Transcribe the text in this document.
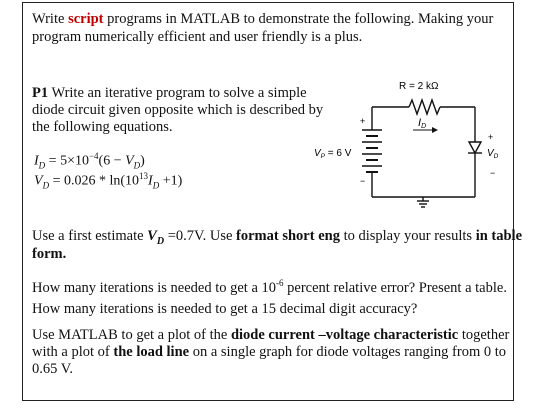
Write script programs in MATLAB to demonstrate the following. Making your

program numerically efficient and user friendly is a plus.

P1 Write an iterative program to solve a simple

diode circuit given opposite which is described by

the following equations.

$I_D = 5\times 10^{-4}(6 - V_D)$
$V_D = 0.026 * \ln(10^{13}I_D +1)$
R = 2 kΩ
ID
+
−
$V_P = 6$ V
+
−
$V_D$

Use a first estimate $V_D =0.7V$. Use format short eng to display your results in table

form.

How many iterations is needed to get a $10^{-6}$ percent relative error? Present a table.

How many iterations is needed to get a 15 decimal digit accuracy?

Use MATLAB to get a plot of the diode current –voltage characteristic together

with a plot of the load line on a single graph for diode voltages ranging from 0 to

0.65 V.
